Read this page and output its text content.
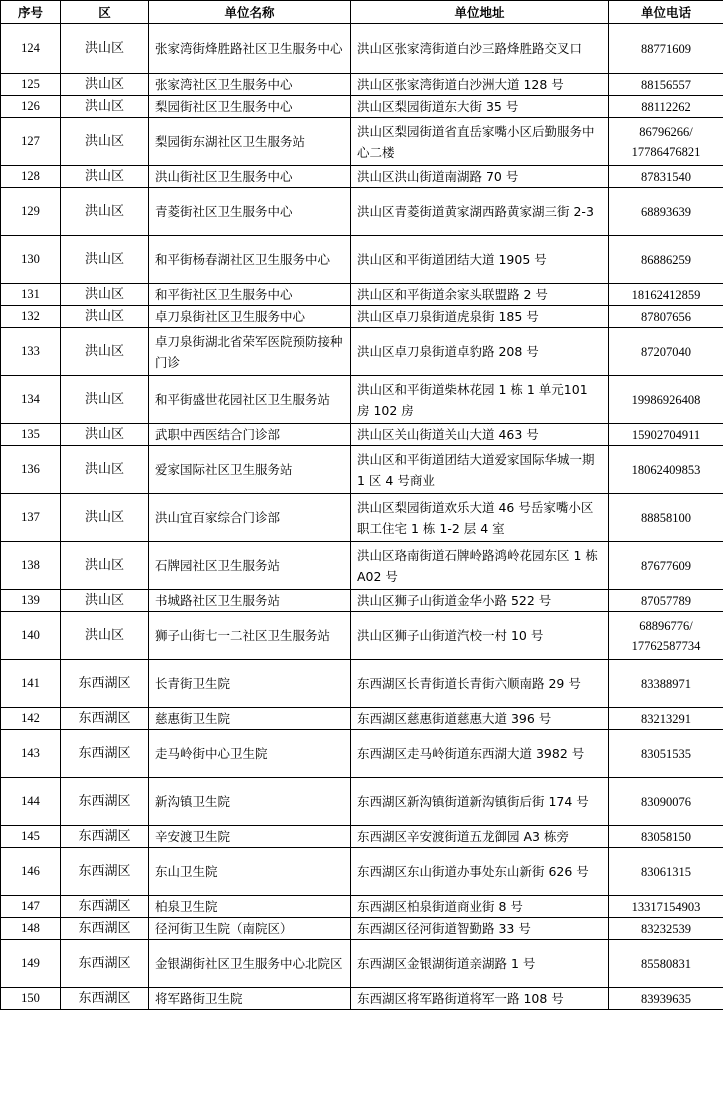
序号	区	单位名称	单位地址	单位电话
124	洪山区	张家湾街烽胜路社区卫生服务中心	洪山区张家湾街道白沙三路烽胜路交叉口	88771609
125	洪山区	张家湾社区卫生服务中心	洪山区张家湾街道白沙洲大道 128 号	88156557
126	洪山区	梨园街社区卫生服务中心	洪山区梨园街道东大街 35 号	88112262
127	洪山区	梨园街东湖社区卫生服务站	洪山区梨园街道省直岳家嘴小区后勤服务中心二楼	86796266/ 17786476821
128	洪山区	洪山街社区卫生服务中心	洪山区洪山街道南湖路 70 号	87831540
129	洪山区	青菱街社区卫生服务中心	洪山区青菱街道黄家湖西路黄家湖三街 2-3	68893639
130	洪山区	和平街杨春湖社区卫生服务中心	洪山区和平街道团结大道 1905 号	86886259
131	洪山区	和平街社区卫生服务中心	洪山区和平街道余家头联盟路 2 号	18162412859
132	洪山区	卓刀泉街社区卫生服务中心	洪山区卓刀泉街道虎泉街 185 号	87807656
133	洪山区	卓刀泉街湖北省荣军医院预防接种门诊	洪山区卓刀泉街道卓豹路 208 号	87207040
134	洪山区	和平街盛世花园社区卫生服务站	洪山区和平街道柴林花园 1 栋 1 单元101 房 102 房	19986926408
135	洪山区	武职中西医结合门诊部	洪山区关山街道关山大道 463 号	15902704911
136	洪山区	爱家国际社区卫生服务站	洪山区和平街道团结大道爱家国际华城一期 1 区 4 号商业	18062409853
137	洪山区	洪山宜百家综合门诊部	洪山区梨园街道欢乐大道 46 号岳家嘴小区职工住宅 1 栋 1-2 层 4 室	88858100
138	洪山区	石牌园社区卫生服务站	洪山区珞南街道石牌岭路鸿岭花园东区 1 栋 A02 号	87677609
139	洪山区	书城路社区卫生服务站	洪山区狮子山街道金华小路 522 号	87057789
140	洪山区	狮子山街七一二社区卫生服务站	洪山区狮子山街道汽校一村 10 号	68896776/ 17762587734
141	东西湖区	长青街卫生院	东西湖区长青街道长青街六顺南路 29 号	83388971
142	东西湖区	慈惠街卫生院	东西湖区慈惠街道慈惠大道 396 号	83213291
143	东西湖区	走马岭街中心卫生院	东西湖区走马岭街道东西湖大道 3982 号	83051535
144	东西湖区	新沟镇卫生院	东西湖区新沟镇街道新沟镇街后街 174 号	83090076
145	东西湖区	辛安渡卫生院	东西湖区辛安渡街道五龙御园 A3 栋旁	83058150
146	东西湖区	东山卫生院	东西湖区东山街道办事处东山新街 626 号	83061315
147	东西湖区	柏泉卫生院	东西湖区柏泉街道商业街 8 号	13317154903
148	东西湖区	径河街卫生院（南院区）	东西湖区径河街道智勤路 33 号	83232539
149	东西湖区	金银湖街社区卫生服务中心北院区	东西湖区金银湖街道亲湖路 1 号	85580831
150	东西湖区	将军路街卫生院	东西湖区将军路街道将军一路 108 号	83939635
